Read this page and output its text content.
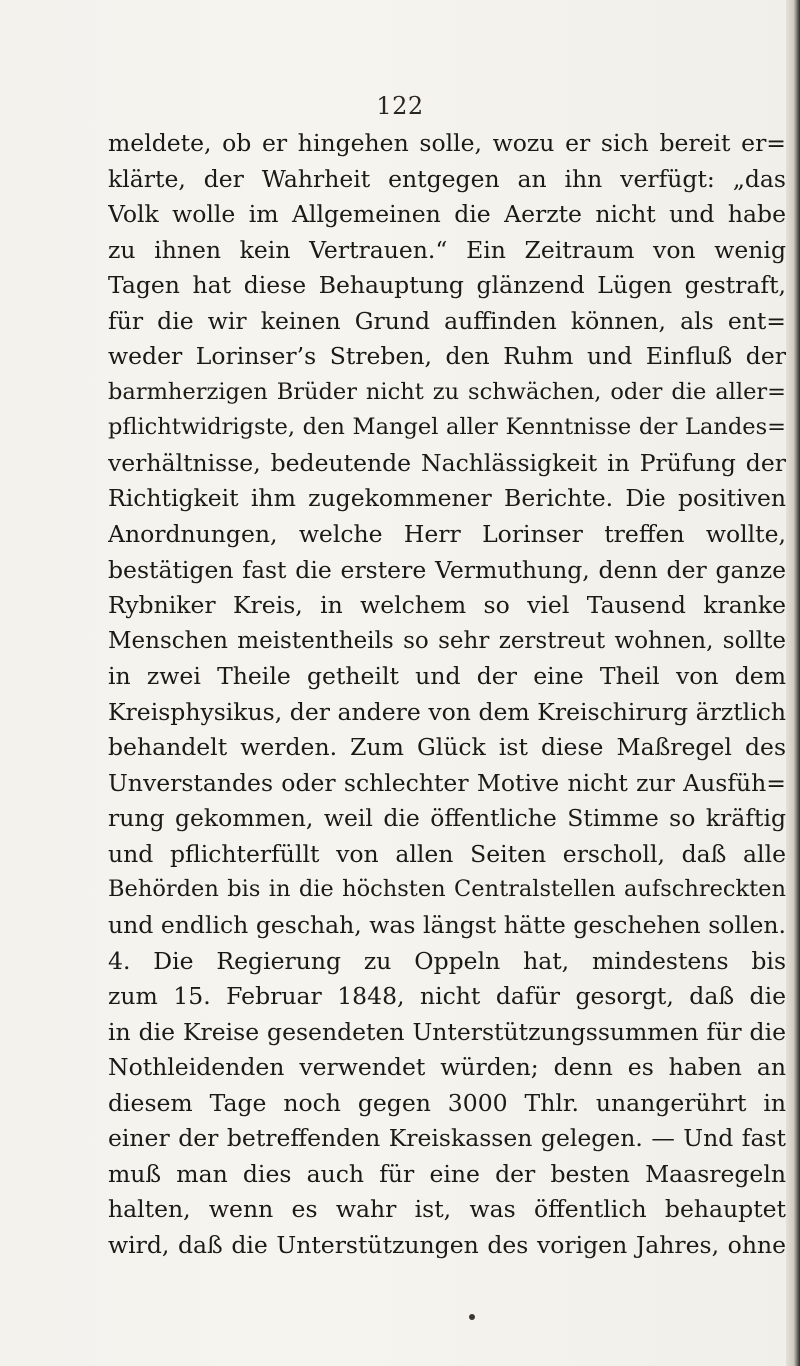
122
meldete, ob er hingehen solle, wozu er sich bereit er=
klärte, der Wahrheit entgegen an ihn verfügt: „das
Volk wolle im Allgemeinen die Aerzte nicht und habe
zu ihnen kein Vertrauen.“ Ein Zeitraum von wenig
Tagen hat diese Behauptung glänzend Lügen gestraft,
für die wir keinen Grund auffinden können, als ent=
weder Lorinser’s Streben, den Ruhm und Einfluß der
barmherzigen Brüder nicht zu schwächen, oder die aller=
pflichtwidrigste, den Mangel aller Kenntnisse der Landes=
verhältnisse, bedeutende Nachlässigkeit in Prüfung der
Richtigkeit ihm zugekommener Berichte. Die positiven
Anordnungen, welche Herr Lorinser treffen wollte,
bestätigen fast die erstere Vermuthung, denn der ganze
Rybniker Kreis, in welchem so viel Tausend kranke
Menschen meistentheils so sehr zerstreut wohnen, sollte
in zwei Theile getheilt und der eine Theil von dem
Kreisphysikus, der andere von dem Kreischirurg ärztlich
behandelt werden. Zum Glück ist diese Maßregel des
Unverstandes oder schlechter Motive nicht zur Ausfüh=
rung gekommen, weil die öffentliche Stimme so kräftig
und pflichterfüllt von allen Seiten erscholl, daß alle
Behörden bis in die höchsten Centralstellen aufschreckten
und endlich geschah, was längst hätte geschehen sollen.
4. Die Regierung zu Oppeln hat, mindestens bis
zum 15. Februar 1848, nicht dafür gesorgt, daß die
in die Kreise gesendeten Unterstützungssummen für die
Nothleidenden verwendet würden; denn es haben an
diesem Tage noch gegen 3000 Thlr. unangerührt in
einer der betreffenden Kreiskassen gelegen. — Und fast
muß man dies auch für eine der besten Maasregeln
halten, wenn es wahr ist, was öffentlich behauptet
wird, daß die Unterstützungen des vorigen Jahres, ohne
